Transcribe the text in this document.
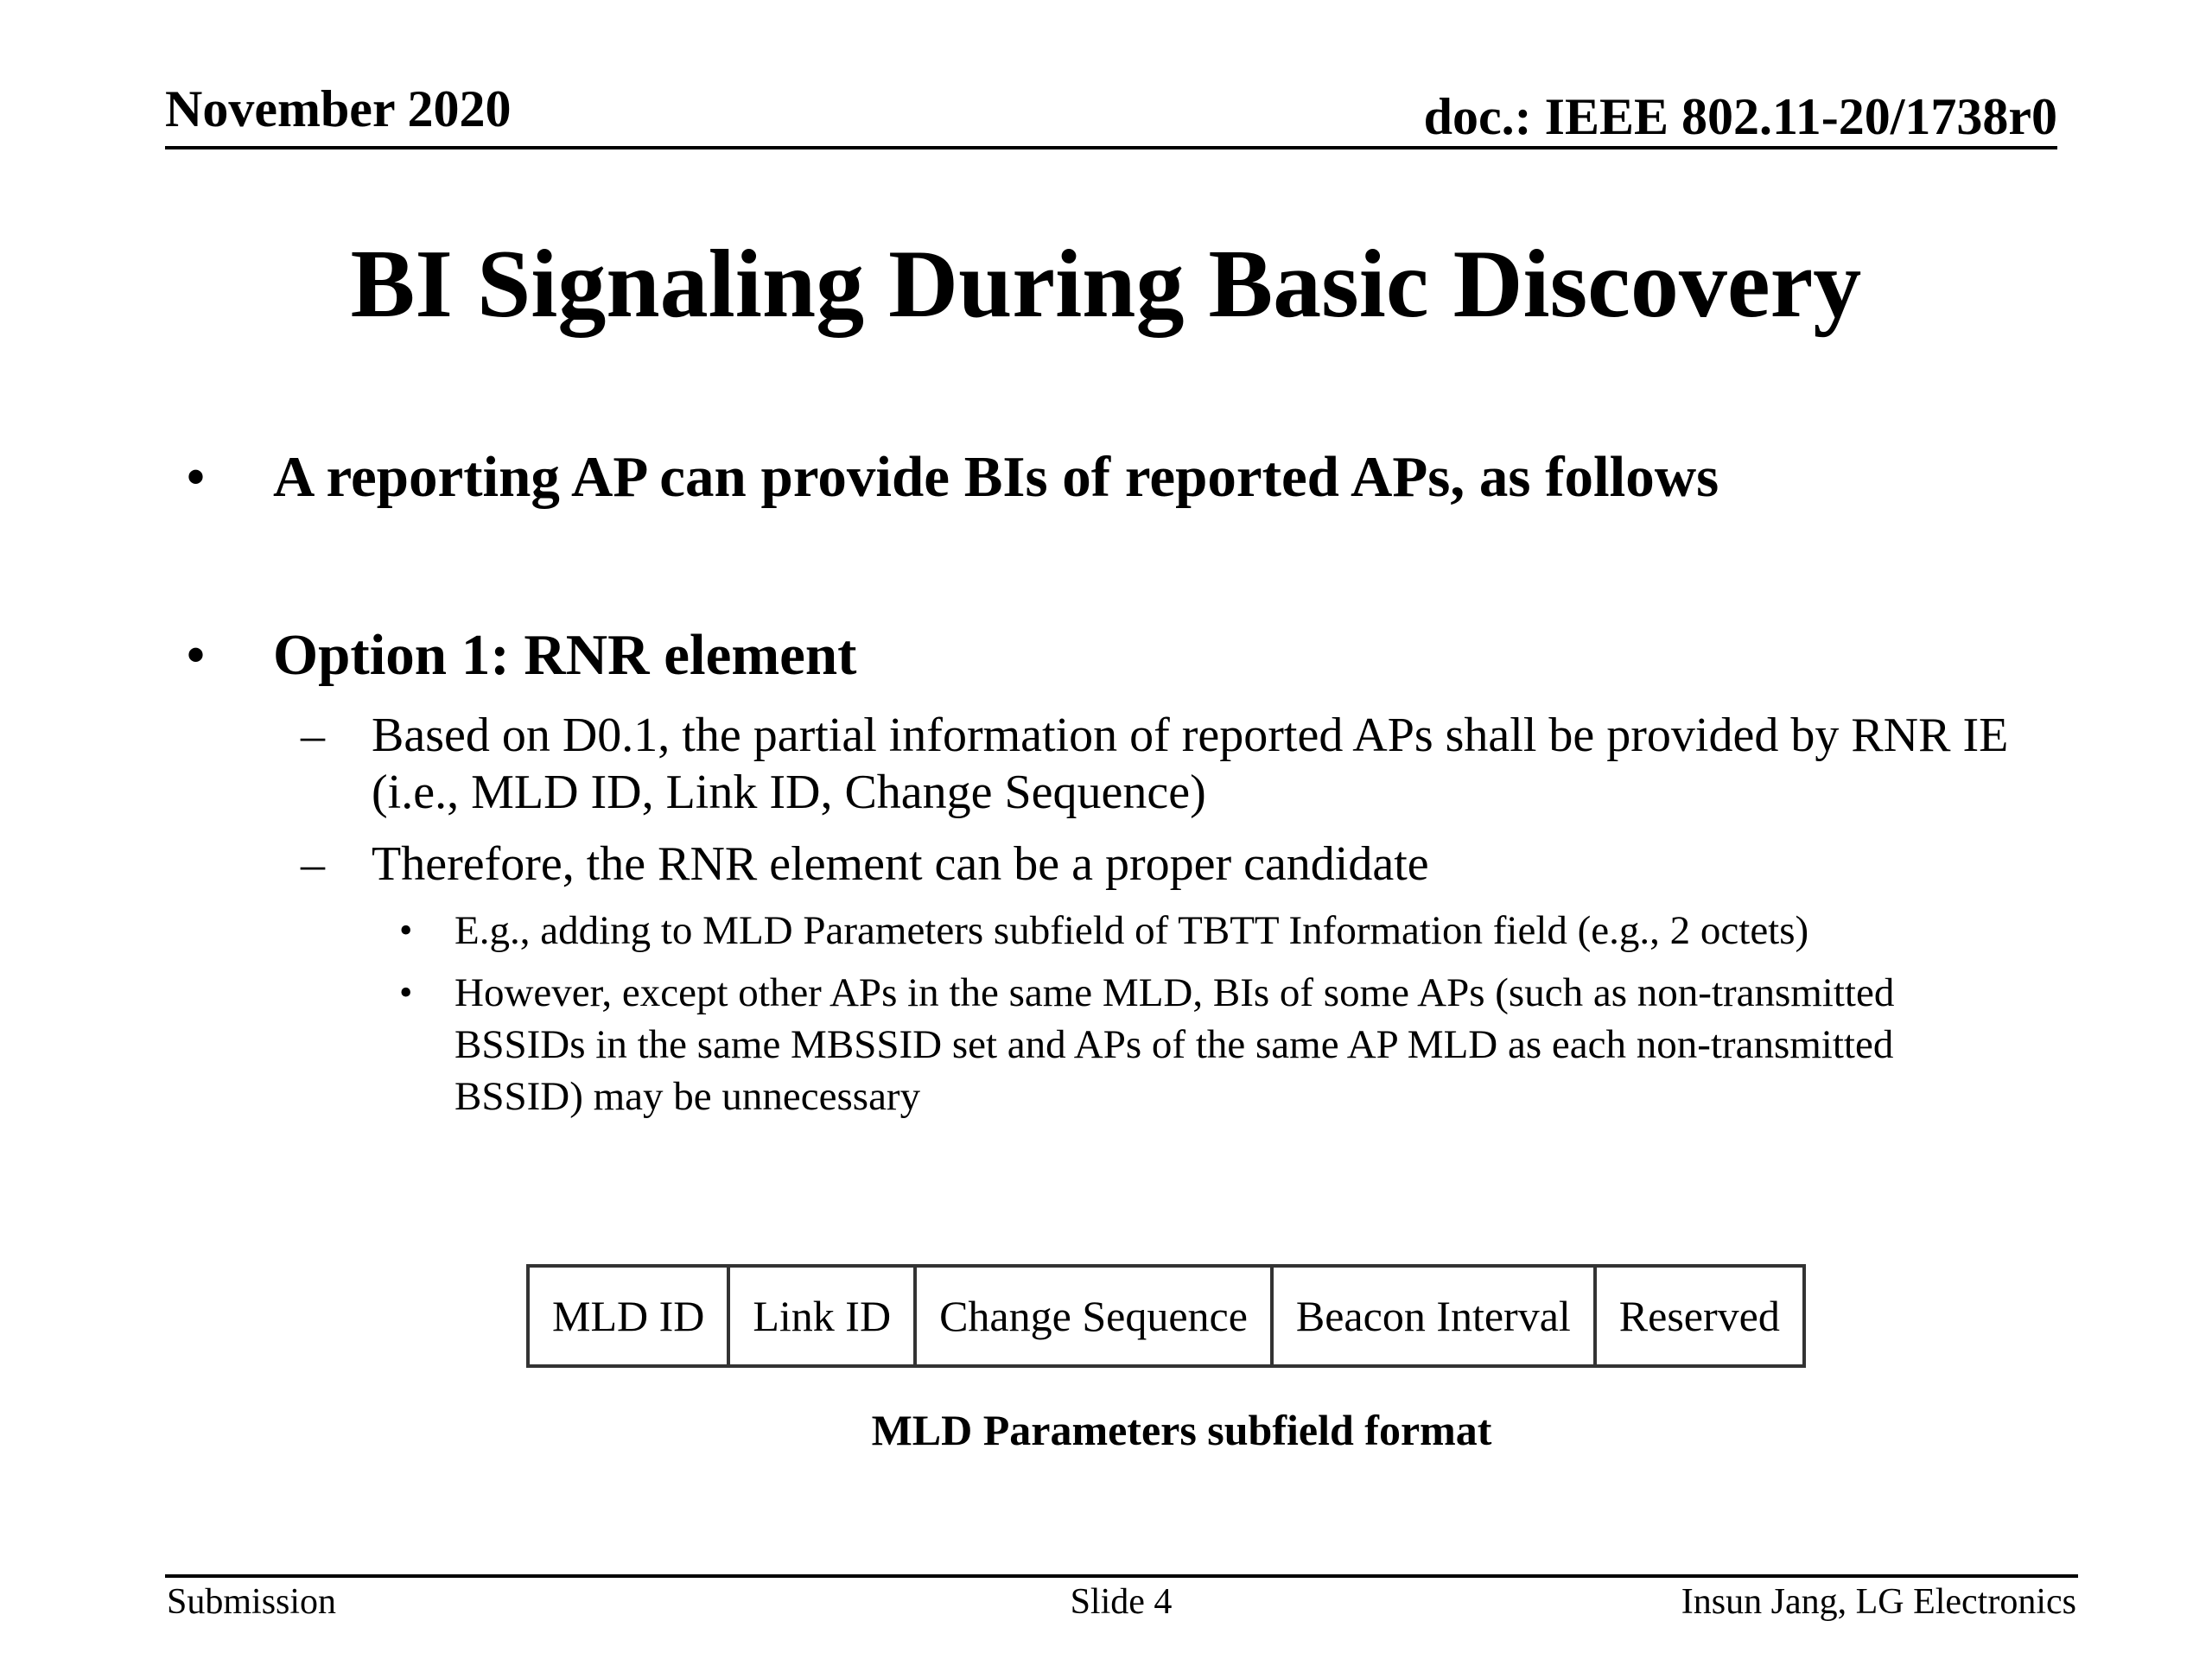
November 2020	doc.: IEEE 802.11-20/1738r0
BI Signaling During Basic Discovery
• A reporting AP can provide BIs of reported APs, as follows
• Option 1: RNR element
– Based on D0.1, the partial information of reported APs shall be provided by RNR IE (i.e., MLD ID, Link ID, Change Sequence)
– Therefore, the RNR element can be a proper candidate
• E.g., adding to MLD Parameters subfield of TBTT Information field (e.g., 2 octets)
• However, except other APs in the same MLD, BIs of some APs (such as non-transmitted BSSIDs in the same MBSSID set and APs of the same AP MLD as each non-transmitted BSSID) may be unnecessary
MLD ID	Link ID	Change Sequence	Beacon Interval	Reserved
MLD Parameters subfield format
Submission	Slide 4	Insun Jang, LG Electronics
